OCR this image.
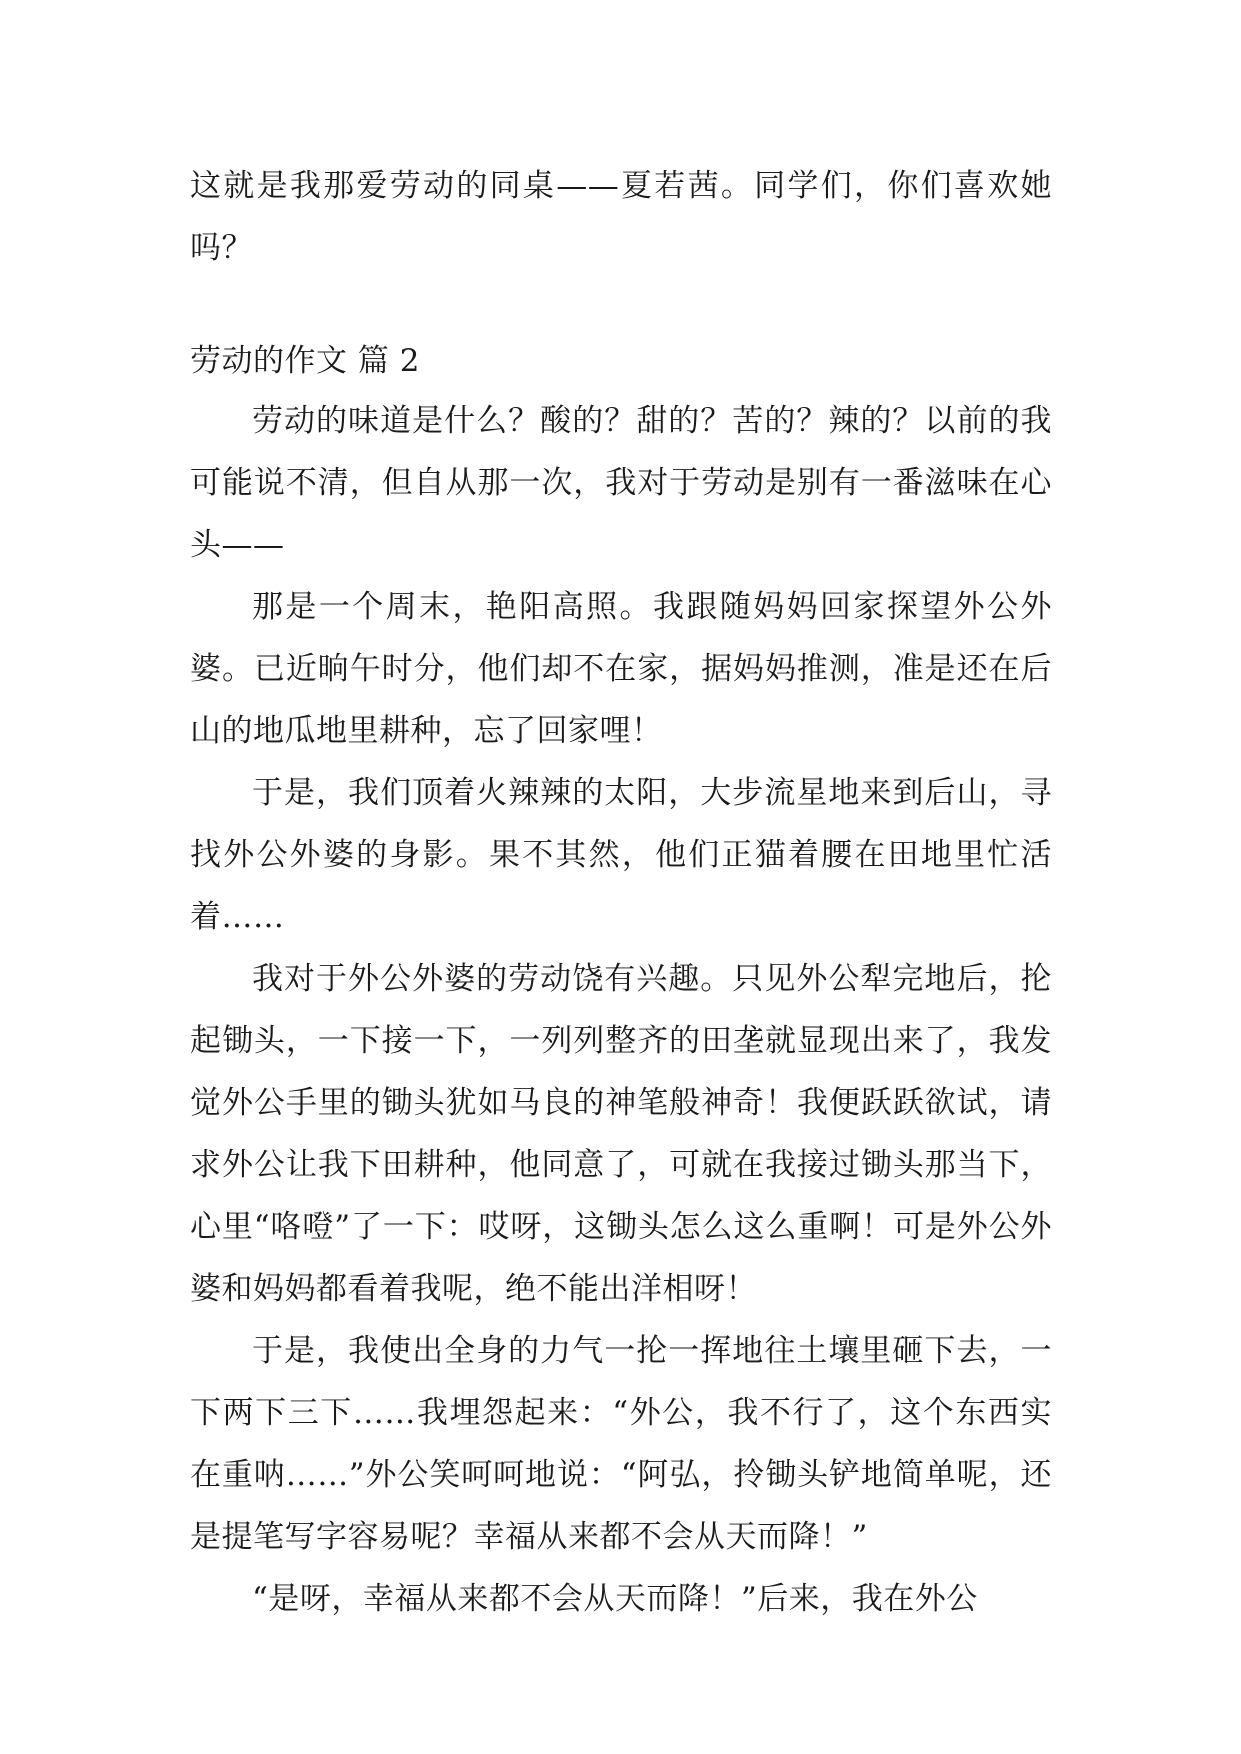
这就是我那爱劳动的同桌——夏若茜。同学们，你们喜欢她吗？

劳动的作文 篇 2

劳动的味道是什么？酸的？甜的？苦的？辣的？以前的我可能说不清，但自从那一次，我对于劳动是别有一番滋味在心头——

那是一个周末，艳阳高照。我跟随妈妈回家探望外公外婆。已近晌午时分，他们却不在家，据妈妈推测，准是还在后山的地瓜地里耕种，忘了回家哩！

于是，我们顶着火辣辣的太阳，大步流星地来到后山，寻找外公外婆的身影。果不其然，他们正猫着腰在田地里忙活着……

我对于外公外婆的劳动饶有兴趣。只见外公犁完地后，抡起锄头，一下接一下，一列列整齐的田垄就显现出来了，我发觉外公手里的锄头犹如马良的神笔般神奇！我便跃跃欲试，请求外公让我下田耕种，他同意了，可就在我接过锄头那当下，心里“咯噔”了一下：哎呀，这锄头怎么这么重啊！可是外公外婆和妈妈都看着我呢，绝不能出洋相呀！

于是，我使出全身的力气一抡一挥地往土壤里砸下去，一下两下三下……我埋怨起来：“外公，我不行了，这个东西实在重呐……”外公笑呵呵地说：“阿弘，拎锄头铲地简单呢，还是提笔写字容易呢？幸福从来都不会从天而降！”

“是呀，幸福从来都不会从天而降！”后来，我在外公
